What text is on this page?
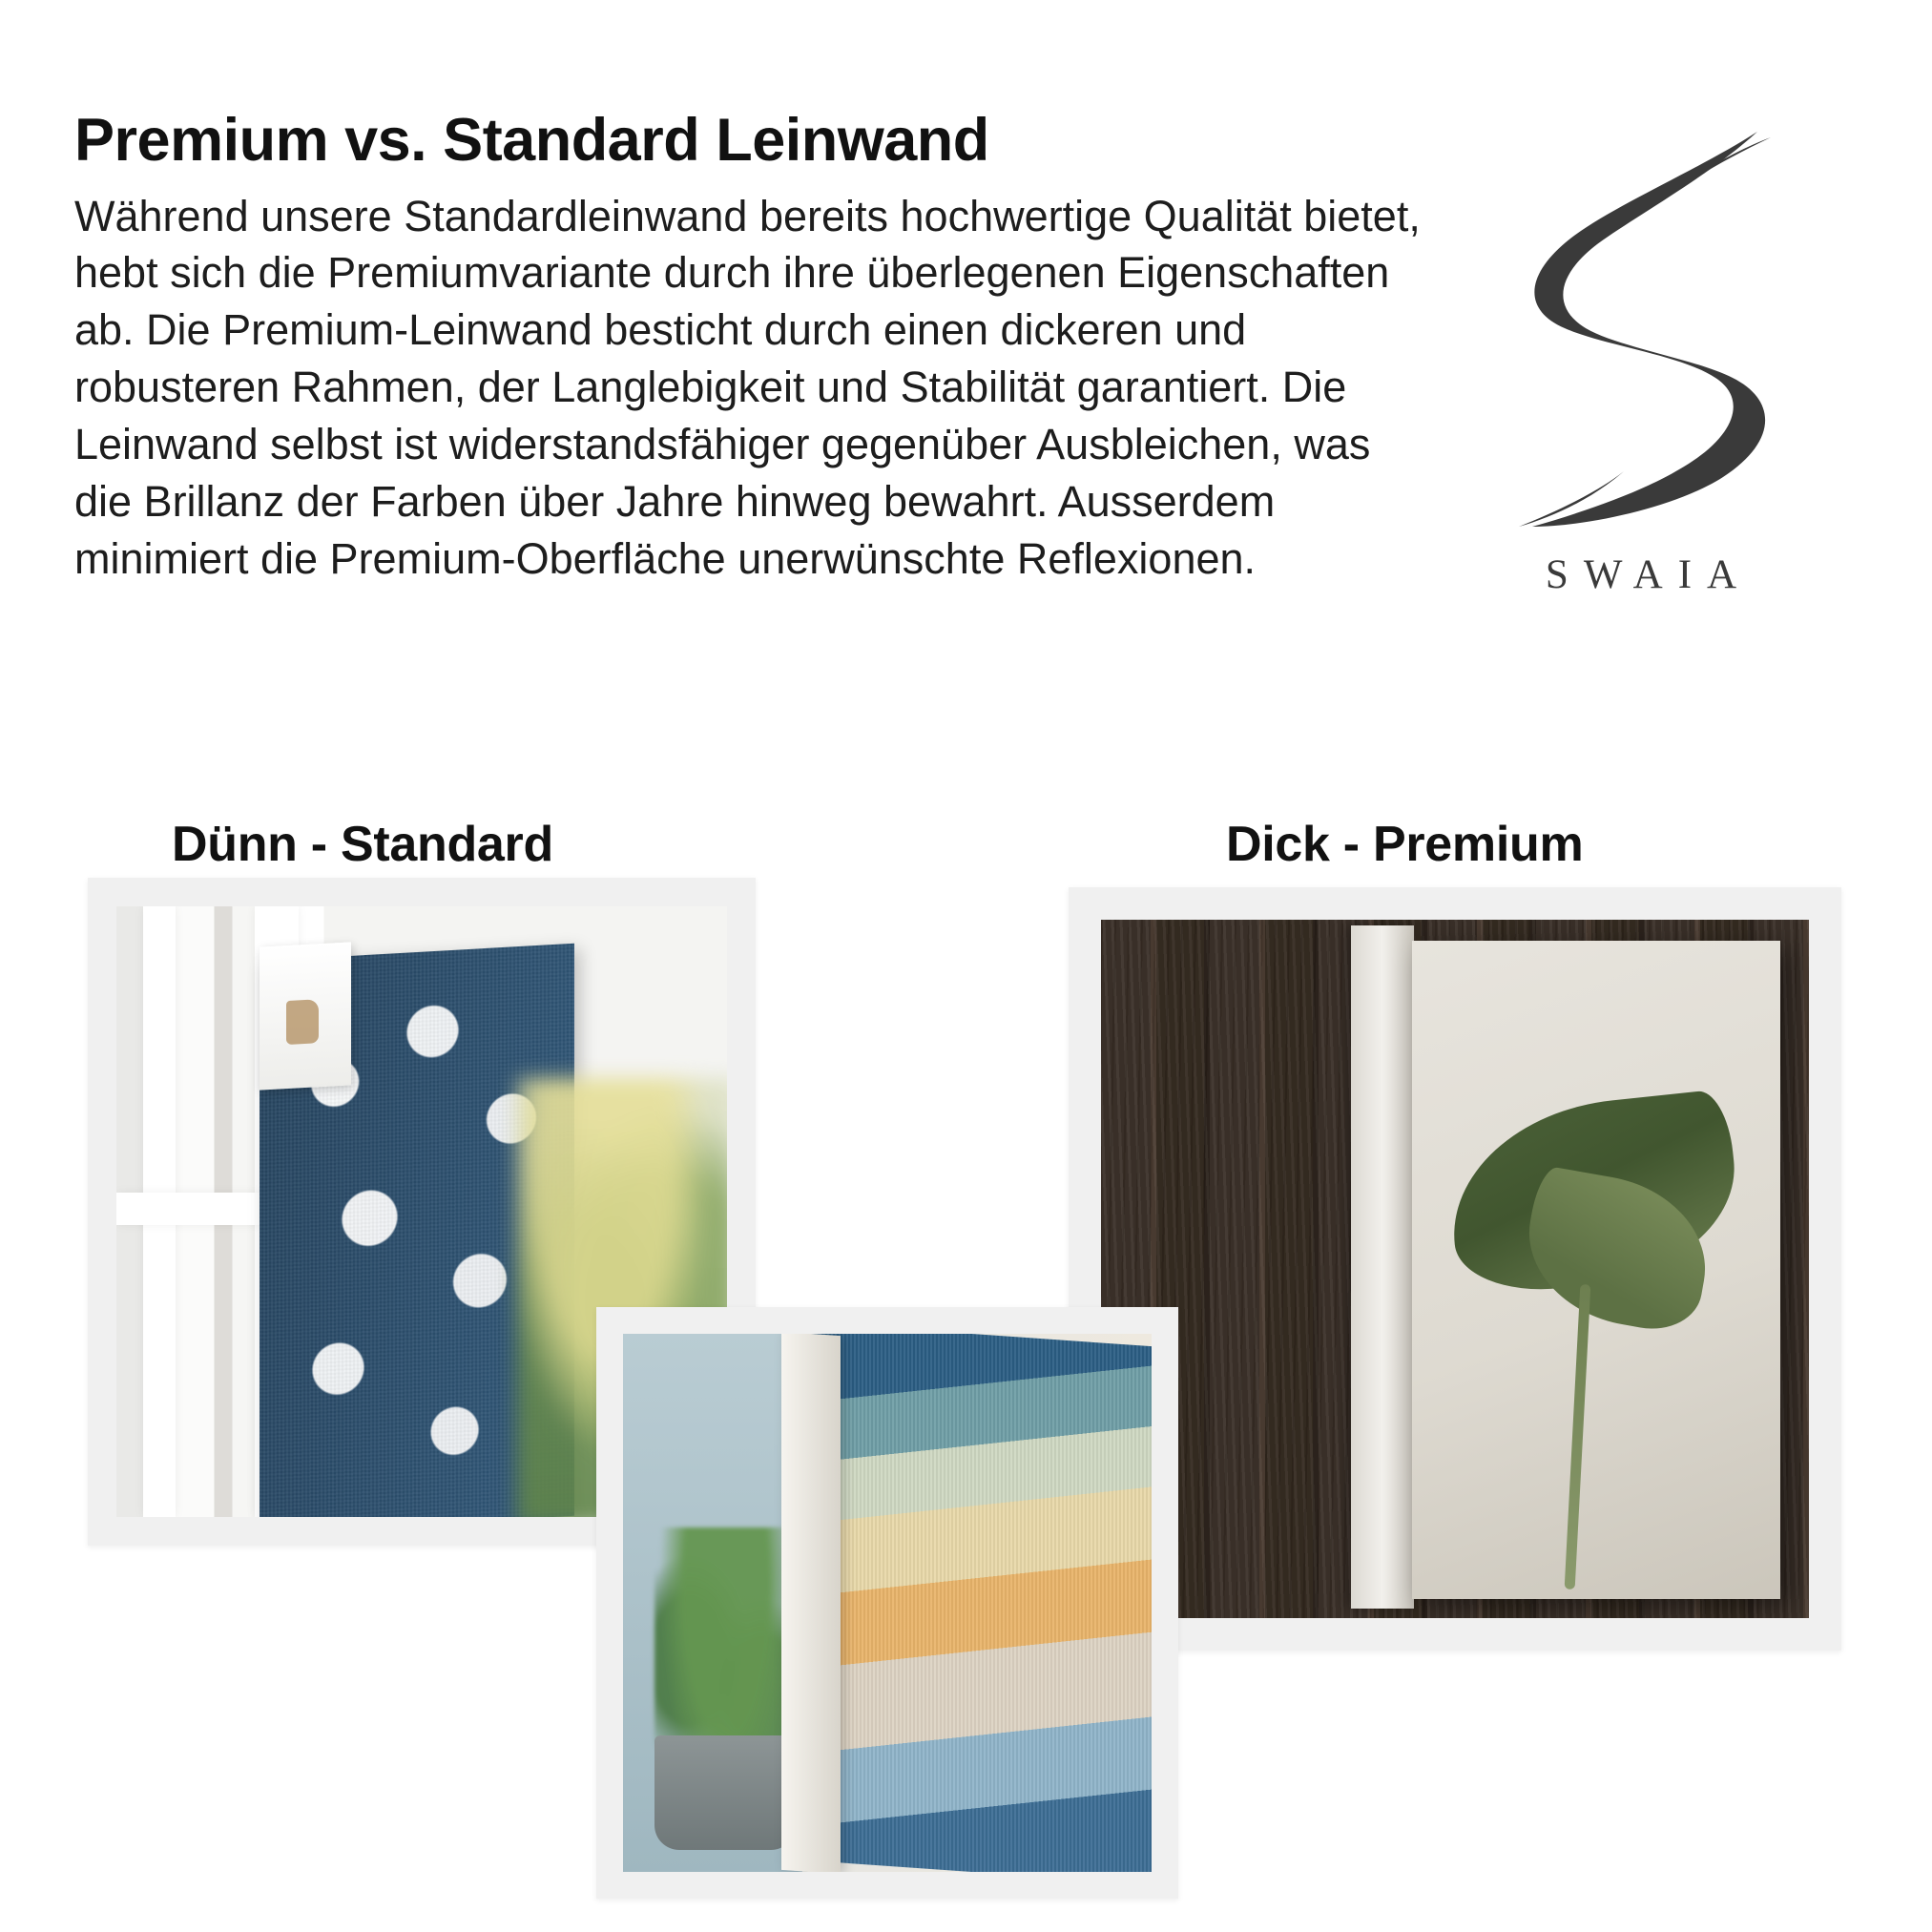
Premium vs. Standard Leinwand
Während unsere Standardleinwand bereits hochwertige Qualität bietet, hebt sich die Premiumvariante durch ihre überlegenen Eigenschaften ab. Die Premium-Leinwand besticht durch einen dickeren und robusteren Rahmen, der Langlebigkeit und Stabilität garantiert. Die Leinwand selbst ist widerstandsfähiger gegenüber Ausbleichen, was die Brillanz der Farben über Jahre hinweg bewahrt. Ausserdem minimiert die Premium-Oberfläche unerwünschte Reflexionen.	SWAIA
Dünn - Standard	Dick - Premium
